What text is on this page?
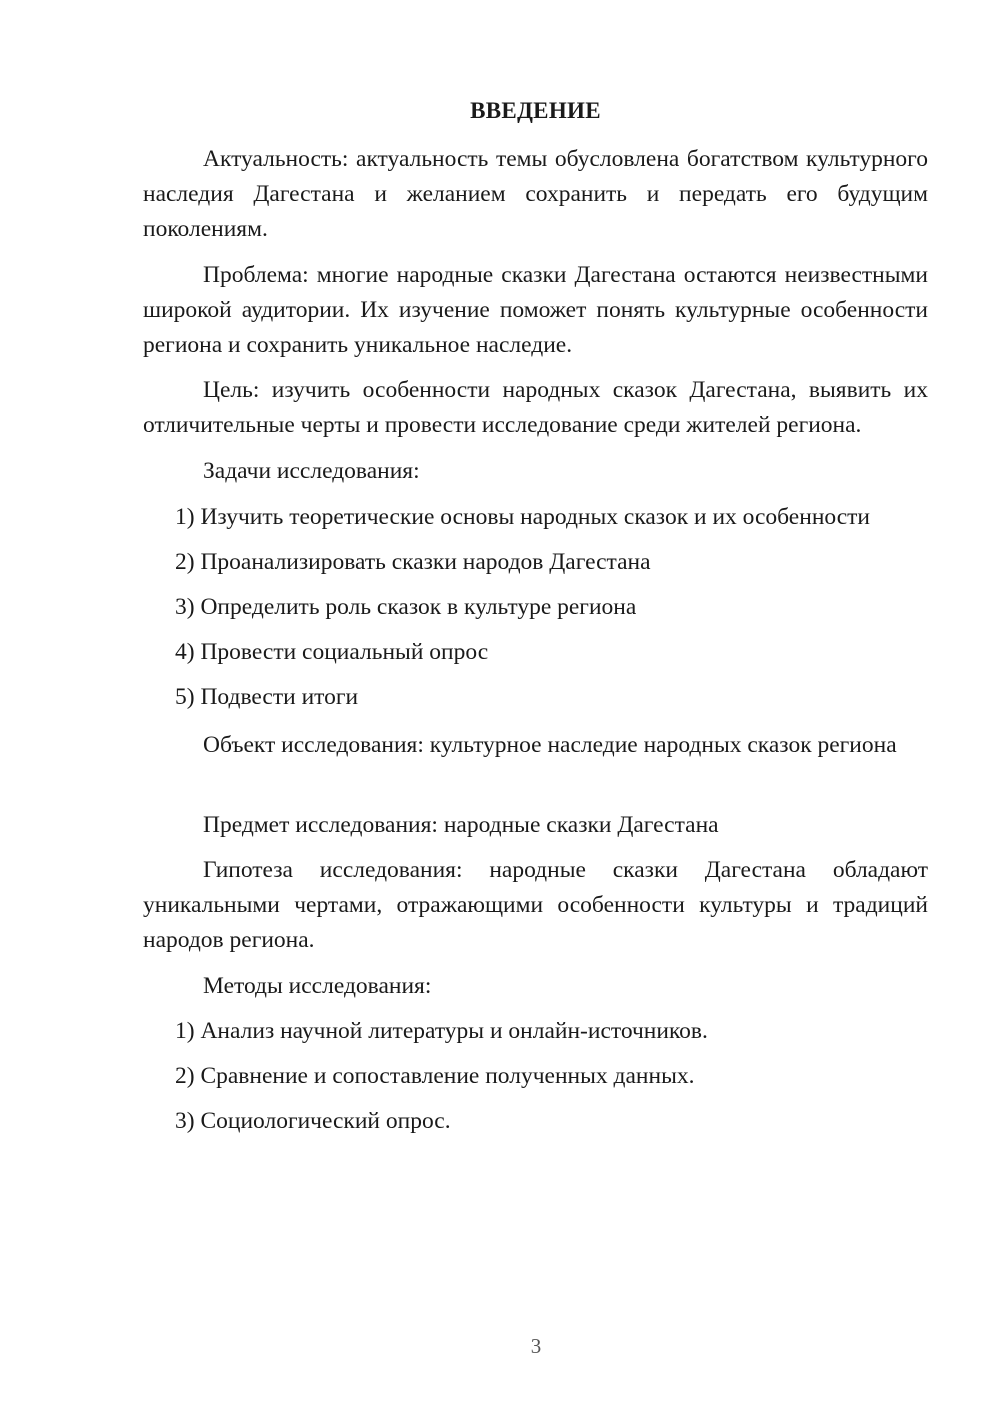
ВВЕДЕНИЕ

Актуальность: актуальность темы обусловлена богатством культурного наследия Дагестана и желанием сохранить и передать его будущим поколениям.

Проблема: многие народные сказки Дагестана остаются неизвестными широкой аудитории. Их изучение поможет понять культурные особенности региона и сохранить уникальное наследие.

Цель: изучить особенности народных сказок Дагестана, выявить их отличительные черты и провести исследование среди жителей региона.

Задачи исследования:

1) Изучить теоретические основы народных сказок и их особенности

2) Проанализировать сказки народов Дагестана

3) Определить роль сказок в культуре региона

4) Провести социальный опрос

5) Подвести итоги

Объект исследования: культурное наследие народных сказок региона

Предмет исследования: народные сказки Дагестана

Гипотеза исследования: народные сказки Дагестана обладают уникальными чертами, отражающими особенности культуры и традиций народов региона.

Методы исследования:

1) Анализ научной литературы и онлайн-источников.

2) Сравнение и сопоставление полученных данных.

3) Социологический опрос.

3
